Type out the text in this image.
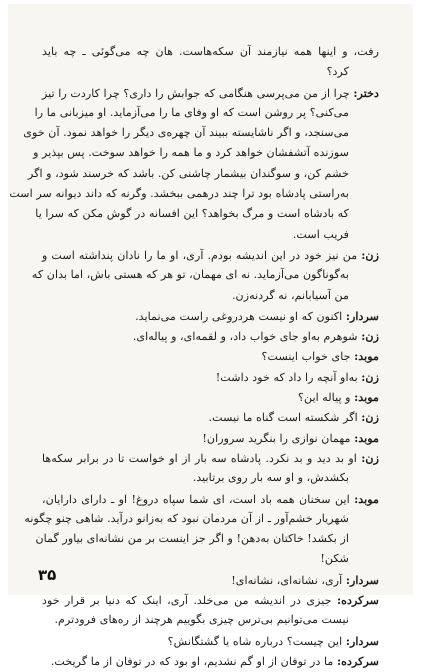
رفت، و اینها همه نیازمند آن سکه‌هاست. هان چه می‌گوئی ـ چه باید
کرد؟
دختر: چرا از من می‌پرسی هنگامی که جوابش را داری؟ چرا کاردت را تیز
می‌کنی؟ پر روشن است که او وفای ما را می‌آزماید. او میزبانی ما را
می‌سنجد، و اگر ناشایسته ببیند آن چهره‌ی دیگر را خواهد نمود. آن خوی
سوزنده آتشفشان خواهد کرد و ما همه را خواهد سوخت. پس بپذیر و
خشم کن، و سوگندان بیشمار چاشنی کن. باشد که خرسند شود، و اگر
به‌راستی پادشاه بود ترا چند درهمی ببخشد. وگرنه که داند دیوانه سر است
که بادشاه است و مرگ بخواهد؟ این افسانه در گوش مکن که سرا یا
فریب است.
زن: من نیز خود در این اندیشه بودم. آری، او ما را نادان پنداشته است و
به‌گوناگون می‌آزماید. نه ای مهمان، تو هر که هستی باش، اما بدان که
من آسیابانم، نه گردنه‌زن.
سردار: اکنون که او نیست هردروغی راست می‌نماید.
زن: شوهرم به‌او جای خواب داد، و لقمه‌ای، و پیاله‌ای.
موبد: جای خواب اینست؟
زن: به‌او آنچه را داد که خود داشت!
موبد: و پیاله این؟
زن: اگر شکسته است گناه ما نیست.
موبد: مهمان نوازی را بنگرید سروران!
زن: او بد دید و بد نکرد. پادشاه سه بار از او خواست تا در برابر سکه‌ها
بکشدش، و او سه بار روی برتابید.
موبد: این سخنان همه باد است، ای شما سپاه دروغ! او ـ دارای دارایان،
شهریار خشم‌آور ـ از آن مردمان نبود که به‌زانو درآید. شاهی چنو چگونه
از بکشد! خاکتان به‌دهن! و اگر جز اینست بر من نشانه‌ای بیاور گمان
شکن!
سردار: آری، نشانه‌ای، نشانه‌ای!
سرکرده: جیزی در اندیشه من می‌خلد. آری، اینک که دنیا بر قرار خود
نیست می‌توانیم بی‌ترس چیزی بگوییم هرچند از ره‌های فرودترم.
سردار: این چیست؟ درباره شاه یا گشتگانش؟
سرکرده: ما در توفان از او گم نشدیم، او بود که در توفان از ما گریخت.
۳۵
